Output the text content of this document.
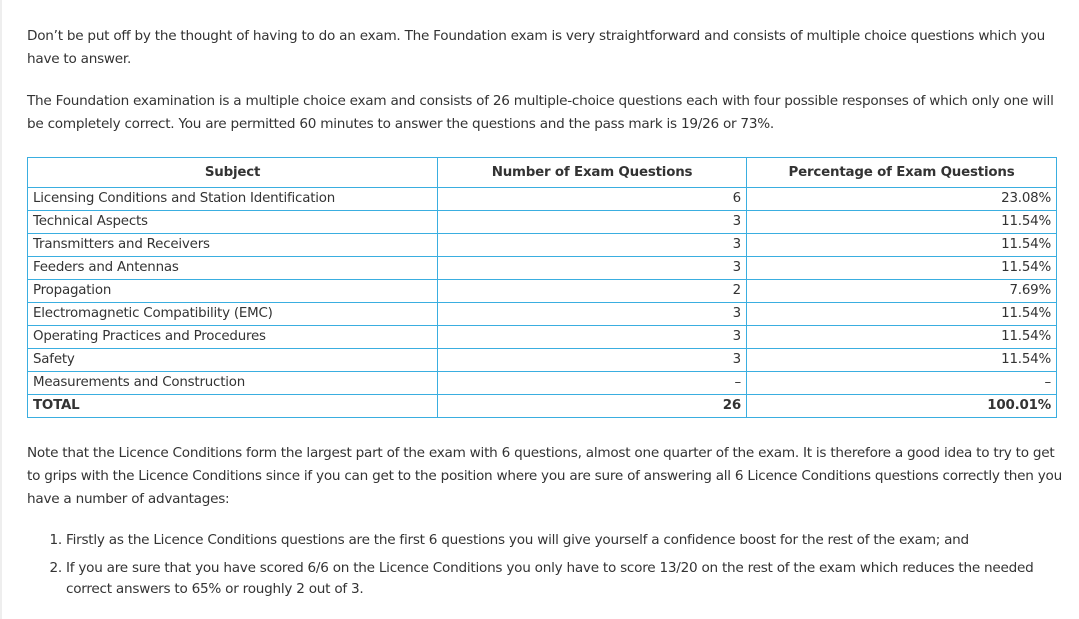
Don’t be put off by the thought of having to do an exam. The Foundation exam is very straightforward and consists of multiple choice questions which you have to answer.

The Foundation examination is a multiple choice exam and consists of 26 multiple-choice questions each with four possible responses of which only one will be completely correct. You are permitted 60 minutes to answer the questions and the pass mark is 19/26 or 73%.

Subject	Number of Exam Questions	Percentage of Exam Questions
Licensing Conditions and Station Identification	6	23.08%
Technical Aspects	3	11.54%
Transmitters and Receivers	3	11.54%
Feeders and Antennas	3	11.54%
Propagation	2	7.69%
Electromagnetic Compatibility (EMC)	3	11.54%
Operating Practices and Procedures	3	11.54%
Safety	3	11.54%
Measurements and Construction	–	–
TOTAL	26	100.01%

Note that the Licence Conditions form the largest part of the exam with 6 questions, almost one quarter of the exam. It is therefore a good idea to try to get to grips with the Licence Conditions since if you can get to the position where you are sure of answering all 6 Licence Conditions questions correctly then you have a number of advantages:

1. Firstly as the Licence Conditions questions are the first 6 questions you will give yourself a confidence boost for the rest of the exam; and
2. If you are sure that you have scored 6/6 on the Licence Conditions you only have to score 13/20 on the rest of the exam which reduces the needed correct answers to 65% or roughly 2 out of 3.
